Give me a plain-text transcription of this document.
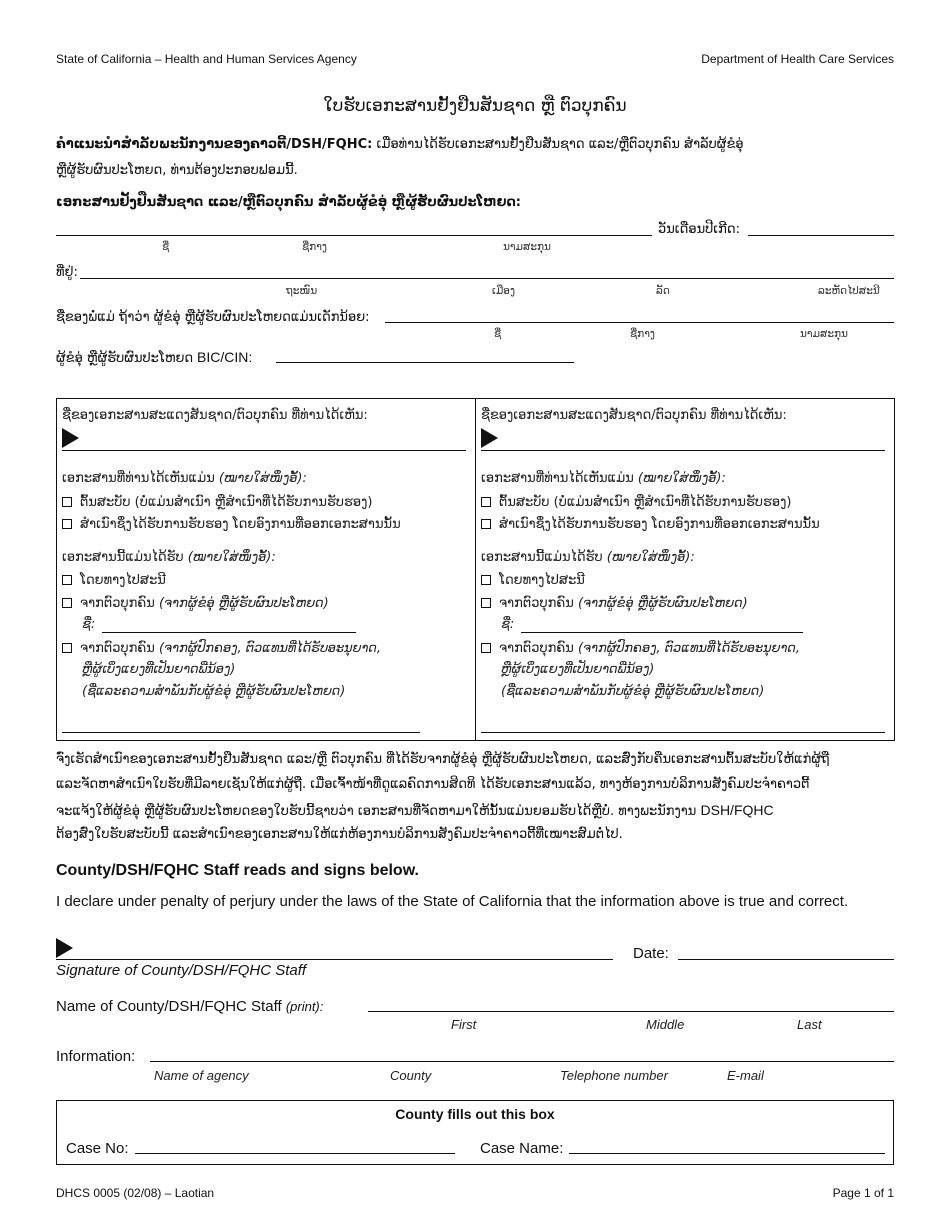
State of California – Health and Human Services Agency	Department of Health Care Services
ໃບຮັບເອກະສານຢັ້ງຢືນສັນຊາດ ຫຼື ຕົວບຸກຄົນ
ຄໍາແນະນໍາສໍາລັບພະນັກງານຂອງຄາວຕີ້/DSH/FQHC: ເມື່ອທ່ານໄດ້ຮັບເອກະສານຢັ້ງຢືນສັນຊາດ ແລະ/ຫຼືຕົວບຸກຄົນ ສໍາລັບຜູ້ຂໍອຸ່
ຫຼືຜູ້ຮັບຜົນປະໂຫຍດ, ທ່ານຕ້ອງປະກອບຟອມນີ້.
ເອກະສານຢັ້ງຢືນສັນຊາດ ແລະ/ຫຼືຕົວບຸກຄົນ ສໍາລັບຜູ້ຂໍອຸ່ ຫຼືຜູ້ຮັບຜົນປະໂຫຍດ:
ວັນເດືອນປີເກີດ:
ຊື່	ຊື່ກາງ	ນາມສະກຸນ
ທີ່ຢູ່:
ຖະໜົນ	ເມືອງ	ລັດ	ລະຫັດໄປສະນີ
ຊື່ຂອງພໍ່ແມ່ ຖ້າວ່າ ຜູ້ຂໍອຸ່ ຫຼືຜູ້ຮັບຜົນປະໂຫຍດແມ່ນເດັກນ້ອຍ:
ຊື່	ຊື່ກາງ	ນາມສະກຸນ
ຜູ້ຂໍອຸ່ ຫຼືຜູ້ຮັບຜົນປະໂຫຍດ BIC/CIN:
ຊື່ຂອງເອກະສານສະແດງສັນຊາດ/ຕົວບຸກຄົນ ທີ່ທ່ານໄດ້ເຫັນ:
ເອກະສານທີ່ທ່ານໄດ້ເຫັນແມ່ນ (ໝາຍໃສ່ໜຶ່ງອັ້):
ຕົ້ນສະບັບ (ບໍ່ແມ່ນສໍາເນົາ ຫຼືສໍາເນົາທີ່ໄດ້ຮັບການຮັບຮອງ)
ສໍາເນົາຊຶ່ງໄດ້ຮັບການຮັບຮອງ ໂດຍອົງການທີ່ອອກເອກະສານນັ້ນ
ເອກະສານນີ້ແມ່ນໄດ້ຮັບ (ໝາຍໃສ່ໜຶ່ງອັ້):
ໂດຍທາງໄປສະນີ
ຈາກຕົວບຸກຄົນ (ຈາກຜູ້ຂໍອຸ່ ຫຼືຜູ້ຮັບຜົນປະໂຫຍດ)
ຊື່:
ຈາກຕົວບຸກຄົນ (ຈາກຜູ້ປົກຄອງ, ຕົວແທນທີ່ໄດ້ຮັບອະນຸຍາດ,
ຫຼືຜູ້ເບິ່ງແຍງທີ່ເປັນຍາດພີ່ນ້ອງ)
(ຊື່ແລະຄວາມສໍາພັນກັບຜູ້ຂໍອຸ່ ຫຼືຜູ້ຮັບຜົນປະໂຫຍດ)
ຊື່ຂອງເອກະສານສະແດງສັນຊາດ/ຕົວບຸກຄົນ ທີ່ທ່ານໄດ້ເຫັນ:
ເອກະສານທີ່ທ່ານໄດ້ເຫັນແມ່ນ (ໝາຍໃສ່ໜຶ່ງອັ້):
ຕົ້ນສະບັບ (ບໍ່ແມ່ນສໍາເນົາ ຫຼືສໍາເນົາທີ່ໄດ້ຮັບການຮັບຮອງ)
ສໍາເນົາຊຶ່ງໄດ້ຮັບການຮັບຮອງ ໂດຍອົງການທີ່ອອກເອກະສານນັ້ນ
ເອກະສານນີ້ແມ່ນໄດ້ຮັບ (ໝາຍໃສ່ໜຶ່ງອັ້):
ໂດຍທາງໄປສະນີ
ຈາກຕົວບຸກຄົນ (ຈາກຜູ້ຂໍອຸ່ ຫຼືຜູ້ຮັບຜົນປະໂຫຍດ)
ຊື່:
ຈາກຕົວບຸກຄົນ (ຈາກຜູ້ປົກຄອງ, ຕົວແທນທີ່ໄດ້ຮັບອະນຸຍາດ,
ຫຼືຜູ້ເບິ່ງແຍງທີ່ເປັນຍາດພີ່ນ້ອງ)
(ຊື່ແລະຄວາມສໍາພັນກັບຜູ້ຂໍອຸ່ ຫຼືຜູ້ຮັບຜົນປະໂຫຍດ)
ຈົ່ງເຮັດສໍາເນົາຂອງເອກະສານຢັ້ງຢືນສັນຊາດ ແລະ/ຫຼື ຕົວບຸກຄົນ ທີ່ໄດ້ຮັບຈາກຜູ້ຂໍອຸ່ ຫຼືຜູ້ຮັບຜົນປະໂຫຍດ, ແລະສົ່ງກັບຄືນເອກະສານຕົ້ນສະບັບໃຫ້ແກ່ຜູ້ຖື
ແລະຈັດຫາສໍາເນົາໃບຮັບທີ່ມີລາຍເຊັນໃຫ້ແກ່ຜູ້ຖື. ເມື່ອເຈົ້າໜ້າທີ່ດູແລຄົດການສິດທິ ໄດ້ຮັບເອກະສານແລ້ວ, ທາງຫ້ອງການບໍລິການສັງຄົມປະຈໍາຄາວຕີ້
ຈະແຈ້ງໃຫ້ຜູ້ຂໍອຸ່ ຫຼືຜູ້ຮັບຜົນປະໂຫຍດຂອງໃບຮັບນີ້ຊາບວ່າ ເອກະສານທີ່ຈັດຫາມາໃຫ້ນັ້ນແມ່ນຍອມຮັບໄດ້ຫຼືບໍ່. ທາງພະນັກງານ DSH/FQHC
ຕ້ອງສົ່ງໃບຮັບສະບັບນີ້ ແລະສໍາເນົາຂອງເອກະສານໃຫ້ແກ່ຫ້ອງການບໍລິການສັງຄົມປະຈໍາຄາວຕີ້ທີ່ເໝາະສົມຕໍ່ໄປ.
County/DSH/FQHC Staff reads and signs below.
I declare under penalty of perjury under the laws of the State of California that the information above is true and correct.
Date:
Signature of County/DSH/FQHC Staff
Name of County/DSH/FQHC Staff (print):
First	Middle	Last
Information:
Name of agency	County	Telephone number	E-mail
County fills out this box
Case No:	Case Name:
DHCS 0005 (02/08) – Laotian	Page 1 of 1
